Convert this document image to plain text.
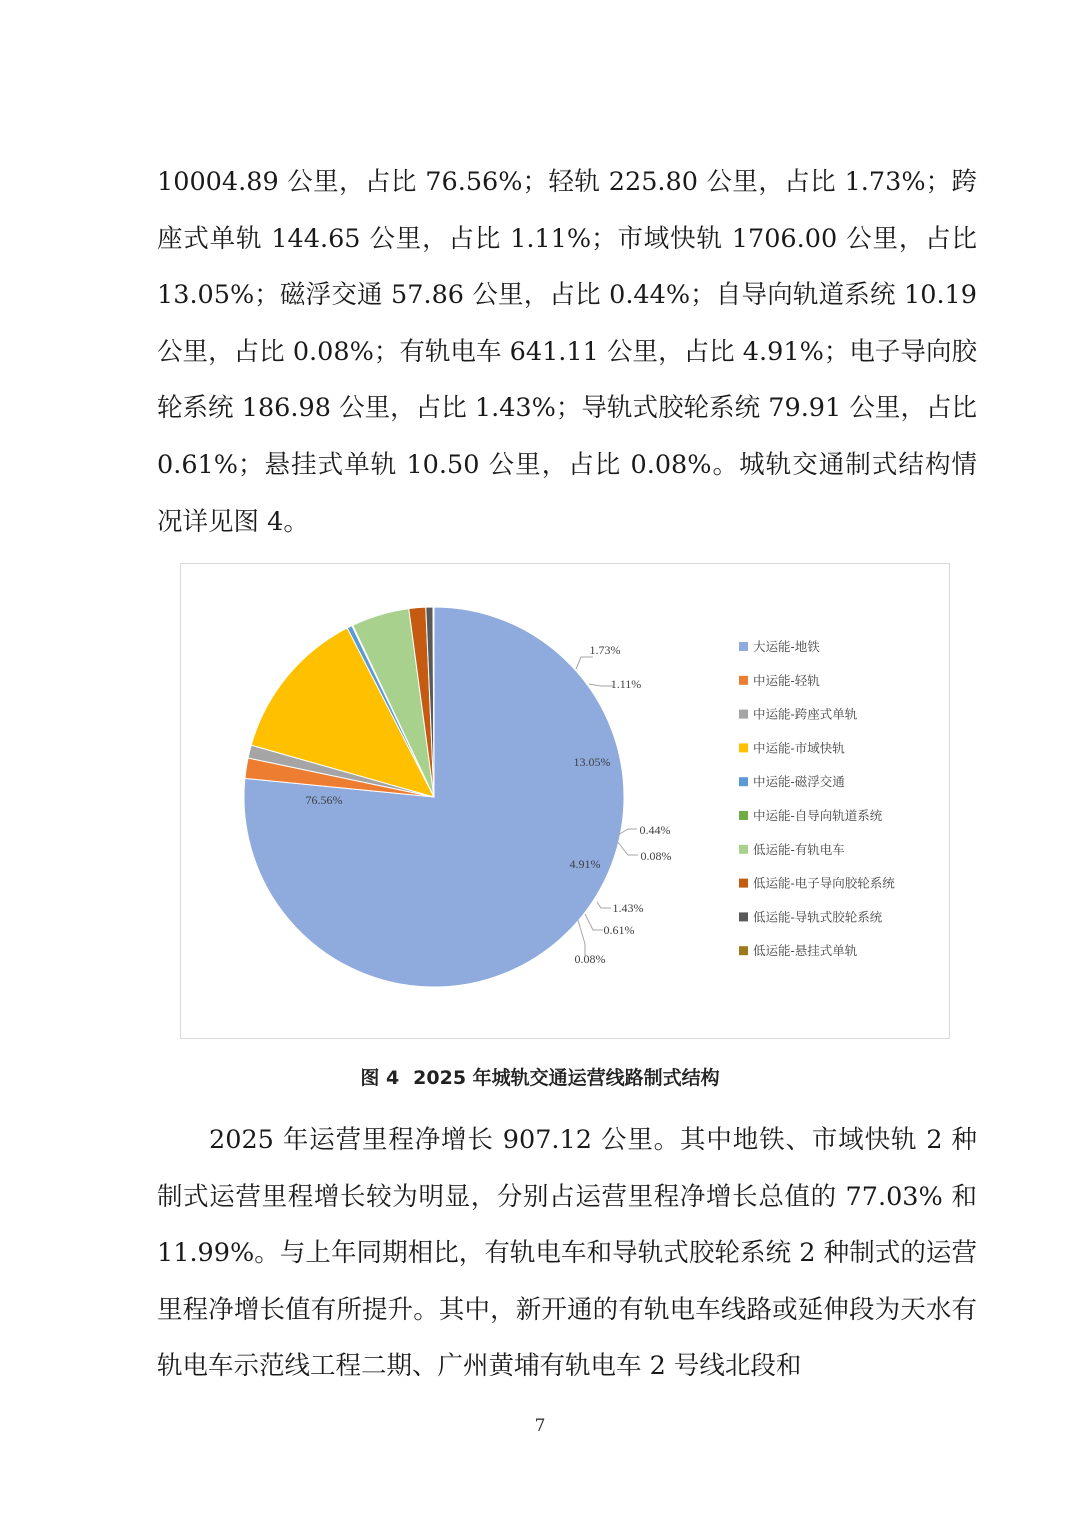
10004.89 公里，占比 76.56%；轻轨 225.80 公里，占比 1.73%；跨座式单轨 144.65 公里，占比 1.11%；市域快轨 1706.00 公里，占比 13.05%；磁浮交通 57.86 公里，占比 0.44%；自导向轨道系统 10.19 公里，占比 0.08%；有轨电车 641.11 公里，占比 4.91%；电子导向胶轮系统 186.98 公里，占比 1.43%；导轨式胶轮系统 79.91 公里，占比 0.61%；悬挂式单轨 10.50 公里，占比 0.08%。城轨交通制式结构情况详见图 4。

76.56%
1.73%
1.11%
13.05%
0.44%
0.08%
4.91%
1.43%
0.61%
0.08%
大运能-地铁
中运能-轻轨
中运能-跨座式单轨
中运能-市域快轨
中运能-磁浮交通
中运能-自导向轨道系统
低运能-有轨电车
低运能-电子导向胶轮系统
低运能-导轨式胶轮系统
低运能-悬挂式单轨
图 4 2025 年城轨交通运营线路制式结构

2025 年运营里程净增长 907.12 公里。其中地铁、市域快轨 2 种制式运营里程增长较为明显，分别占运营里程净增长总值的 77.03% 和 11.99%。与上年同期相比，有轨电车和导轨式胶轮系统 2 种制式的运营里程净增长值有所提升。其中，新开通的有轨电车线路或延伸段为天水有轨电车示范线工程二期、广州黄埔有轨电车 2 号线北段和

7
